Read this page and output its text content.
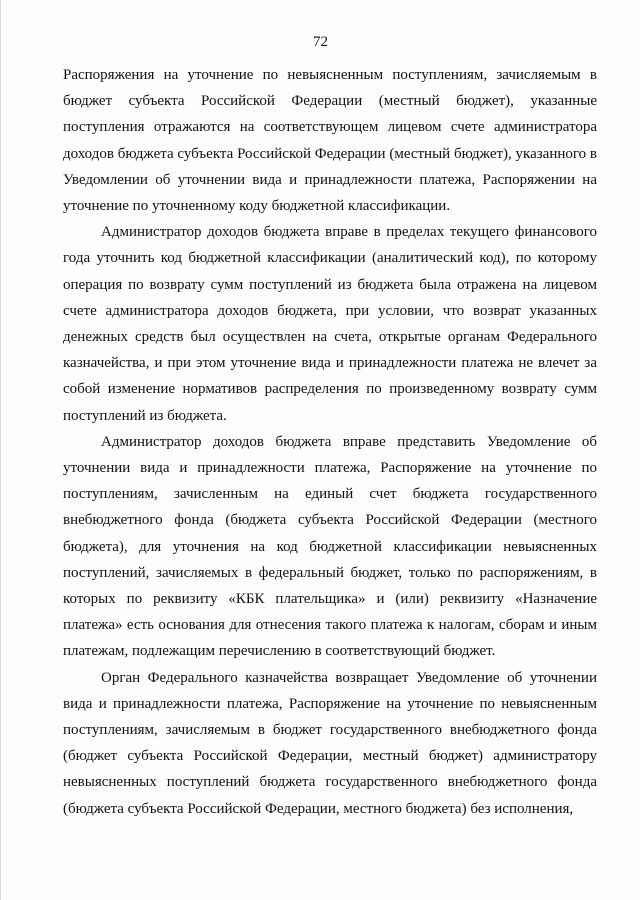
72

Распоряжения на уточнение по невыясненным поступлениям, зачисляемым в бюджет субъекта Российской Федерации (местный бюджет), указанные поступления отражаются на соответствующем лицевом счете администратора доходов бюджета субъекта Российской Федерации (местный бюджет), указанного в Уведомлении об уточнении вида и принадлежности платежа, Распоряжении на уточнение по уточненному коду бюджетной классификации.

Администратор доходов бюджета вправе в пределах текущего финансового года уточнить код бюджетной классификации (аналитический код), по которому операция по возврату сумм поступлений из бюджета была отражена на лицевом счете администратора доходов бюджета, при условии, что возврат указанных денежных средств был осуществлен на счета, открытые органам Федерального казначейства, и при этом уточнение вида и принадлежности платежа не влечет за собой изменение нормативов распределения по произведенному возврату сумм поступлений из бюджета.

Администратор доходов бюджета вправе представить Уведомление об уточнении вида и принадлежности платежа, Распоряжение на уточнение по поступлениям, зачисленным на единый счет бюджета государственного внебюджетного фонда (бюджета субъекта Российской Федерации (местного бюджета), для уточнения на код бюджетной классификации невыясненных поступлений, зачисляемых в федеральный бюджет, только по распоряжениям, в которых по реквизиту «КБК плательщика» и (или) реквизиту «Назначение платежа» есть основания для отнесения такого платежа к налогам, сборам и иным платежам, подлежащим перечислению в соответствующий бюджет.

Орган Федерального казначейства возвращает Уведомление об уточнении вида и принадлежности платежа, Распоряжение на уточнение по невыясненным поступлениям, зачисляемым в бюджет государственного внебюджетного фонда (бюджет субъекта Российской Федерации, местный бюджет) администратору невыясненных поступлений бюджета государственного внебюджетного фонда (бюджета субъекта Российской Федерации, местного бюджета) без исполнения,
